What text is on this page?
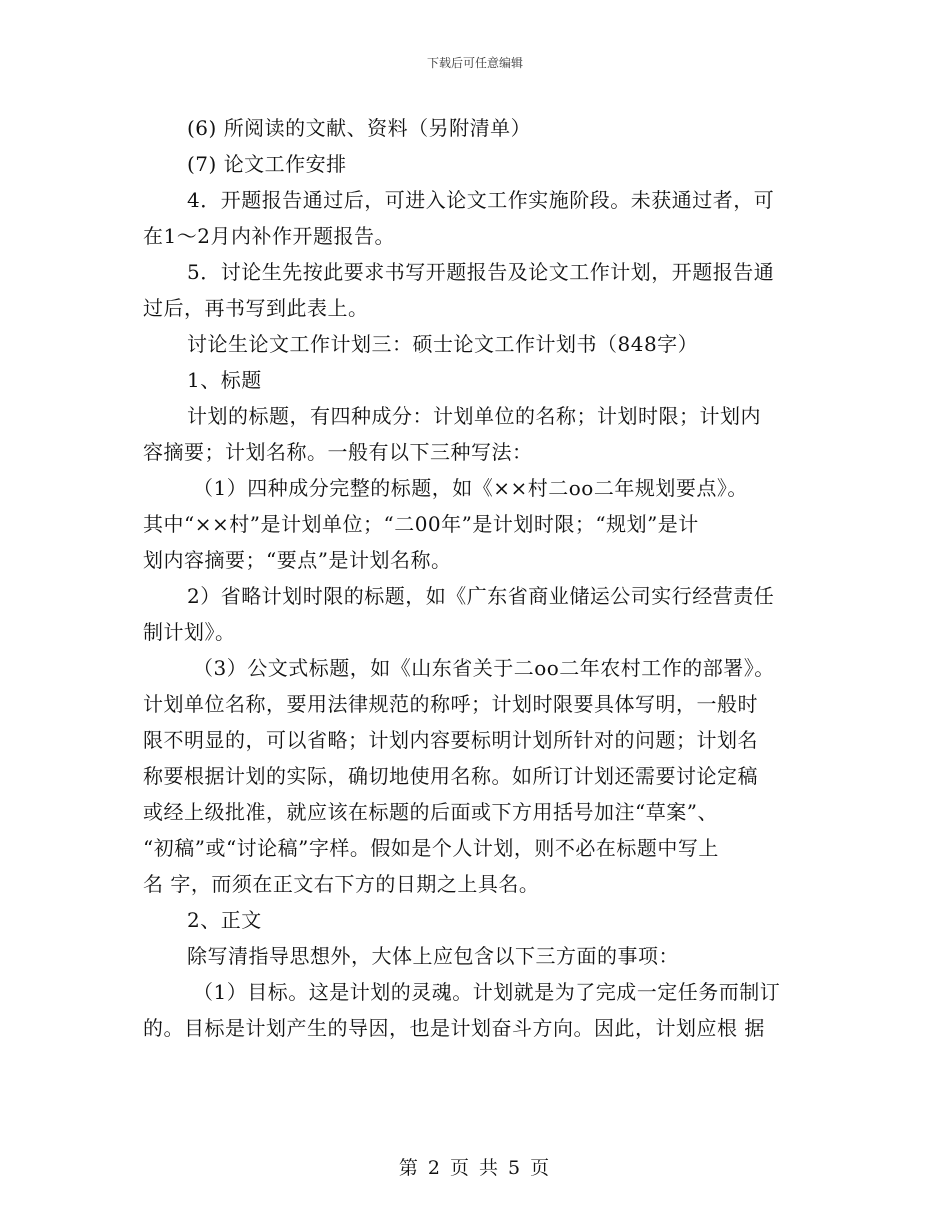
下载后可任意编辑
(6) 所阅读的文献、资料（另附清单）
(7) 论文工作安排
4．开题报告通过后，可进入论文工作实施阶段。未获通过者，可
在1～2月内补作开题报告。
5．讨论生先按此要求书写开题报告及论文工作计划，开题报告通
过后，再书写到此表上。
讨论生论文工作计划三：硕士论文工作计划书（848字）
1、标题
计划的标题，有四种成分：计划单位的名称；计划时限；计划内
容摘要；计划名称。一般有以下三种写法：
（1）四种成分完整的标题，如《××村二oo二年规划要点》。
其中“××村”是计划单位；“二00年”是计划时限；“规划”是计
划内容摘要；“要点”是计划名称。
2）省略计划时限的标题，如《广东省商业储运公司实行经营责任
制计划》。
（3）公文式标题，如《山东省关于二oo二年农村工作的部署》。
计划单位名称，要用法律规范的称呼；计划时限要具体写明，一般时
限不明显的，可以省略；计划内容要标明计划所针对的问题；计划名
称要根据计划的实际，确切地使用名称。如所订计划还需要讨论定稿
或经上级批准，就应该在标题的后面或下方用括号加注“草案”、
“初稿”或“讨论稿”字样。假如是个人计划，则不必在标题中写上
名 字，而须在正文右下方的日期之上具名。
2、正文
除写清指导思想外，大体上应包含以下三方面的事项：
（1）目标。这是计划的灵魂。计划就是为了完成一定任务而制订
的。目标是计划产生的导因，也是计划奋斗方向。因此，计划应根 据
第 2 页 共 5 页
